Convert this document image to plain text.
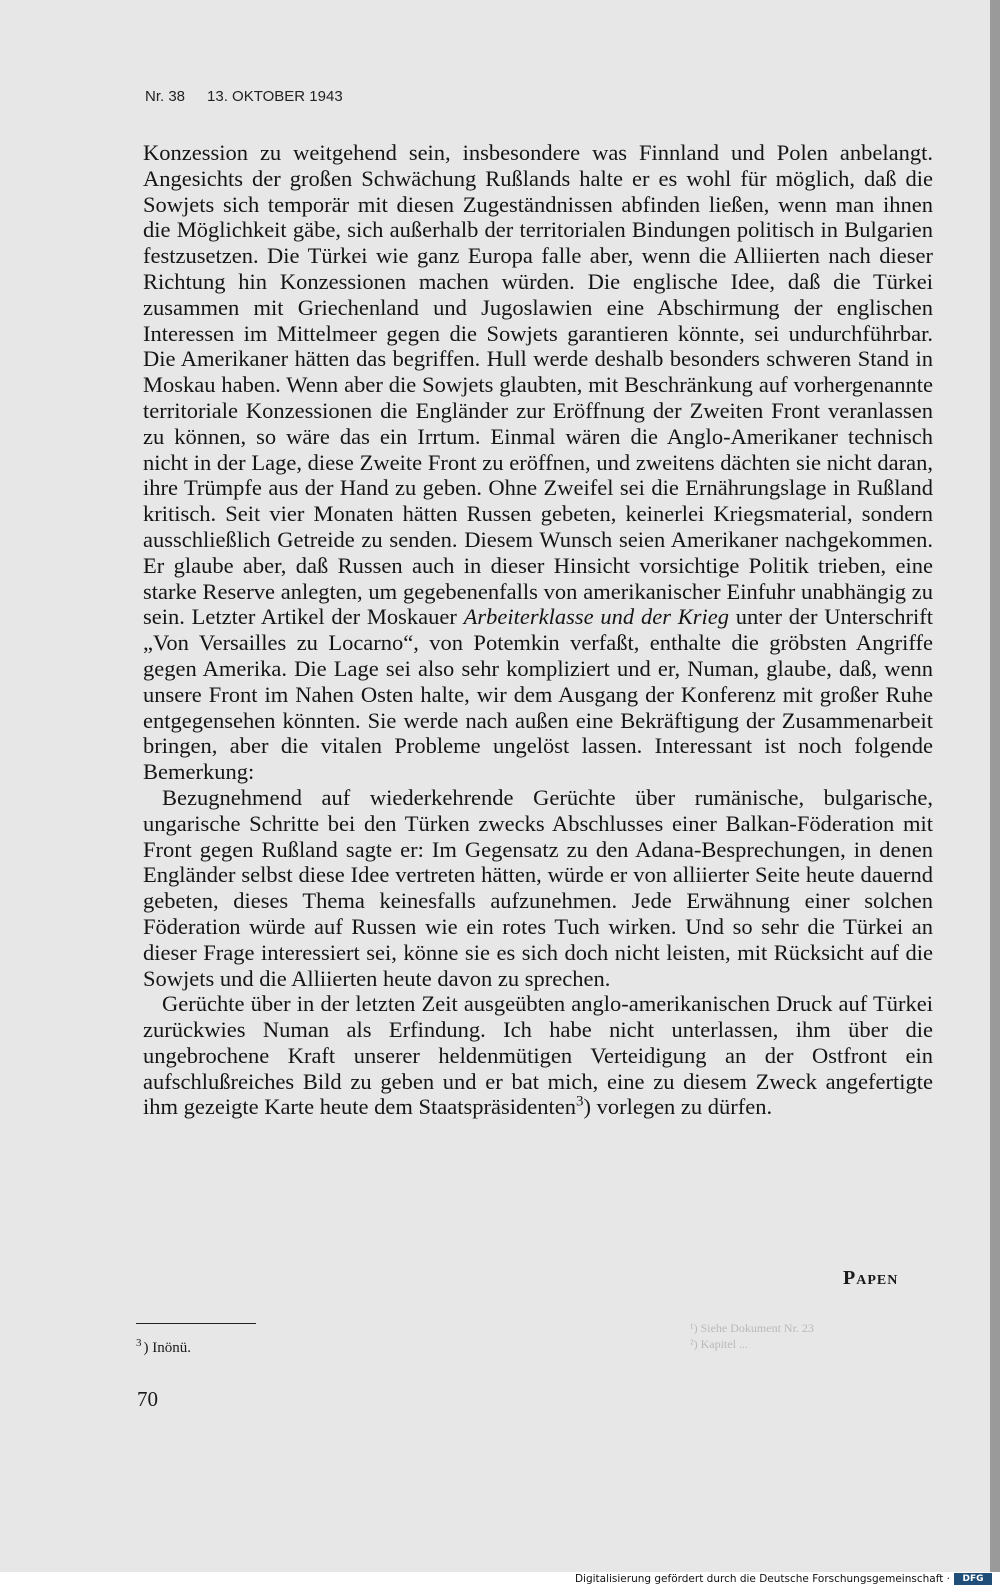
Nr. 38 13. OKTOBER 1943

Konzession zu weitgehend sein, insbesondere was Finnland und Polen anbelangt. Angesichts der großen Schwächung Rußlands halte er es wohl für möglich, daß die Sowjets sich temporär mit diesen Zugeständnissen abfinden ließen, wenn man ihnen die Möglichkeit gäbe, sich außerhalb der territorialen Bindungen politisch in Bulgarien festzusetzen. Die Türkei wie ganz Europa falle aber, wenn die Alliierten nach dieser Richtung hin Konzessionen machen würden. Die englische Idee, daß die Türkei zusammen mit Griechenland und Jugoslawien eine Abschirmung der englischen Interessen im Mittelmeer gegen die Sowjets garantieren könnte, sei undurchführbar. Die Amerikaner hätten das begriffen. Hull werde deshalb besonders schweren Stand in Moskau haben. Wenn aber die Sowjets glaubten, mit Beschränkung auf vorhergenannte territoriale Konzessionen die Engländer zur Eröffnung der Zweiten Front veranlassen zu können, so wäre das ein Irrtum. Einmal wären die Anglo-Amerikaner technisch nicht in der Lage, diese Zweite Front zu eröffnen, und zweitens dächten sie nicht daran, ihre Trümpfe aus der Hand zu geben. Ohne Zweifel sei die Ernährungslage in Rußland kritisch. Seit vier Monaten hätten Russen gebeten, keinerlei Kriegsmaterial, sondern ausschließlich Getreide zu senden. Diesem Wunsch seien Amerikaner nachgekommen. Er glaube aber, daß Russen auch in dieser Hinsicht vorsichtige Politik trieben, eine starke Reserve anlegten, um gegebenenfalls von amerikanischer Einfuhr unabhängig zu sein. Letzter Artikel der Moskauer Arbeiterklasse und der Krieg unter der Unterschrift „Von Versailles zu Locarno“, von Potemkin verfaßt, enthalte die gröbsten Angriffe gegen Amerika. Die Lage sei also sehr kompliziert und er, Numan, glaube, daß, wenn unsere Front im Nahen Osten halte, wir dem Ausgang der Konferenz mit großer Ruhe entgegensehen könnten. Sie werde nach außen eine Bekräftigung der Zusammenarbeit bringen, aber die vitalen Probleme ungelöst lassen. Interessant ist noch folgende Bemerkung:

Bezugnehmend auf wiederkehrende Gerüchte über rumänische, bulgarische, ungarische Schritte bei den Türken zwecks Abschlusses einer Balkan-Föderation mit Front gegen Rußland sagte er: Im Gegensatz zu den Adana-Besprechungen, in denen Engländer selbst diese Idee vertreten hätten, würde er von alliierter Seite heute dauernd gebeten, dieses Thema keinesfalls aufzunehmen. Jede Erwähnung einer solchen Föderation würde auf Russen wie ein rotes Tuch wirken. Und so sehr die Türkei an dieser Frage interessiert sei, könne sie es sich doch nicht leisten, mit Rücksicht auf die Sowjets und die Alliierten heute davon zu sprechen.

Gerüchte über in der letzten Zeit ausgeübten anglo-amerikanischen Druck auf Türkei zurückwies Numan als Erfindung. Ich habe nicht unterlassen, ihm über die ungebrochene Kraft unserer heldenmütigen Verteidigung an der Ostfront ein aufschlußreiches Bild zu geben und er bat mich, eine zu diesem Zweck angefertigte ihm gezeigte Karte heute dem Staatspräsidenten$^3$) vorlegen zu dürfen.

PAPEN
$^3$ ) Inönü.
70
¹) Siehe Dokument Nr. 23
²) Kapitel ...
Digitalisierung gefördert durch die Deutsche Forschungsgemeinschaft ·	DFG
